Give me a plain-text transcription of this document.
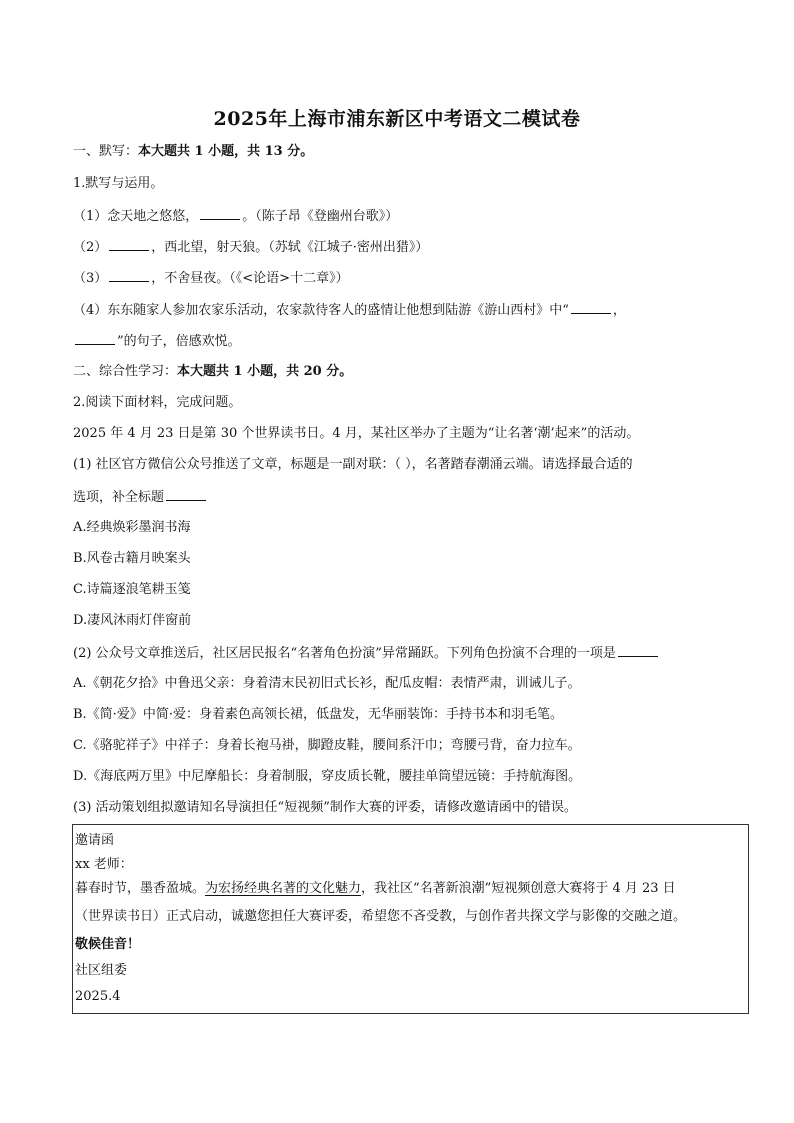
2025年上海市浦东新区中考语文二模试卷
一、默写：本大题共 1 小题，共 13 分。
1.默写与运用。
（1）念天地之悠悠，	。（陈子昂《登幽州台歌》）
（2）	，西北望，射天狼。（苏轼《江城子·密州出猎》）
（3）	，不舍昼夜。（《<论语>十二章》）
（4）东东随家人参加农家乐活动，农家款待客人的盛情让他想到陆游《游山西村》中“	，
”的句子，倍感欢悦。
二、综合性学习：本大题共 1 小题，共 20 分。
2.阅读下面材料，完成问题。
2025 年 4 月 23 日是第 30 个世界读书日。4 月，某社区举办了主题为“让名著‘潮’起来”的活动。
(1) 社区官方微信公众号推送了文章，标题是一副对联：（ ），名著踏春潮涌云端。请选择最合适的
选项，补全标题
A.经典焕彩墨润书海
B.风卷古籍月映案头
C.诗篇逐浪笔耕玉笺
D.凄风沐雨灯伴窗前
(2) 公众号文章推送后，社区居民报名“名著角色扮演”异常踊跃。下列角色扮演不合理的一项是
A.《朝花夕拾》中鲁迅父亲：身着清末民初旧式长衫，配瓜皮帽：表情严肃，训诫儿子。
B.《简·爱》中简·爱：身着素色高领长裙，低盘发，无华丽装饰：手持书本和羽毛笔。
C.《骆驼祥子》中祥子：身着长袍马褂，脚蹬皮鞋，腰间系汗巾；弯腰弓背，奋力拉车。
D.《海底两万里》中尼摩船长：身着制服，穿皮质长靴，腰挂单筒望远镜：手持航海图。
(3) 活动策划组拟邀请知名导演担任“短视频”制作大赛的评委，请修改邀请函中的错误。
邀请函
xx 老师：
暮春时节，墨香盈城。为宏扬经典名著的文化魅力，我社区“名著新浪潮”短视频创意大赛将于 4 月 23 日
（世界读书日）正式启动，诚邀您担任大赛评委，希望您不吝受教，与创作者共探文学与影像的交融之道。
敬候佳音！
社区组委
2025.4
